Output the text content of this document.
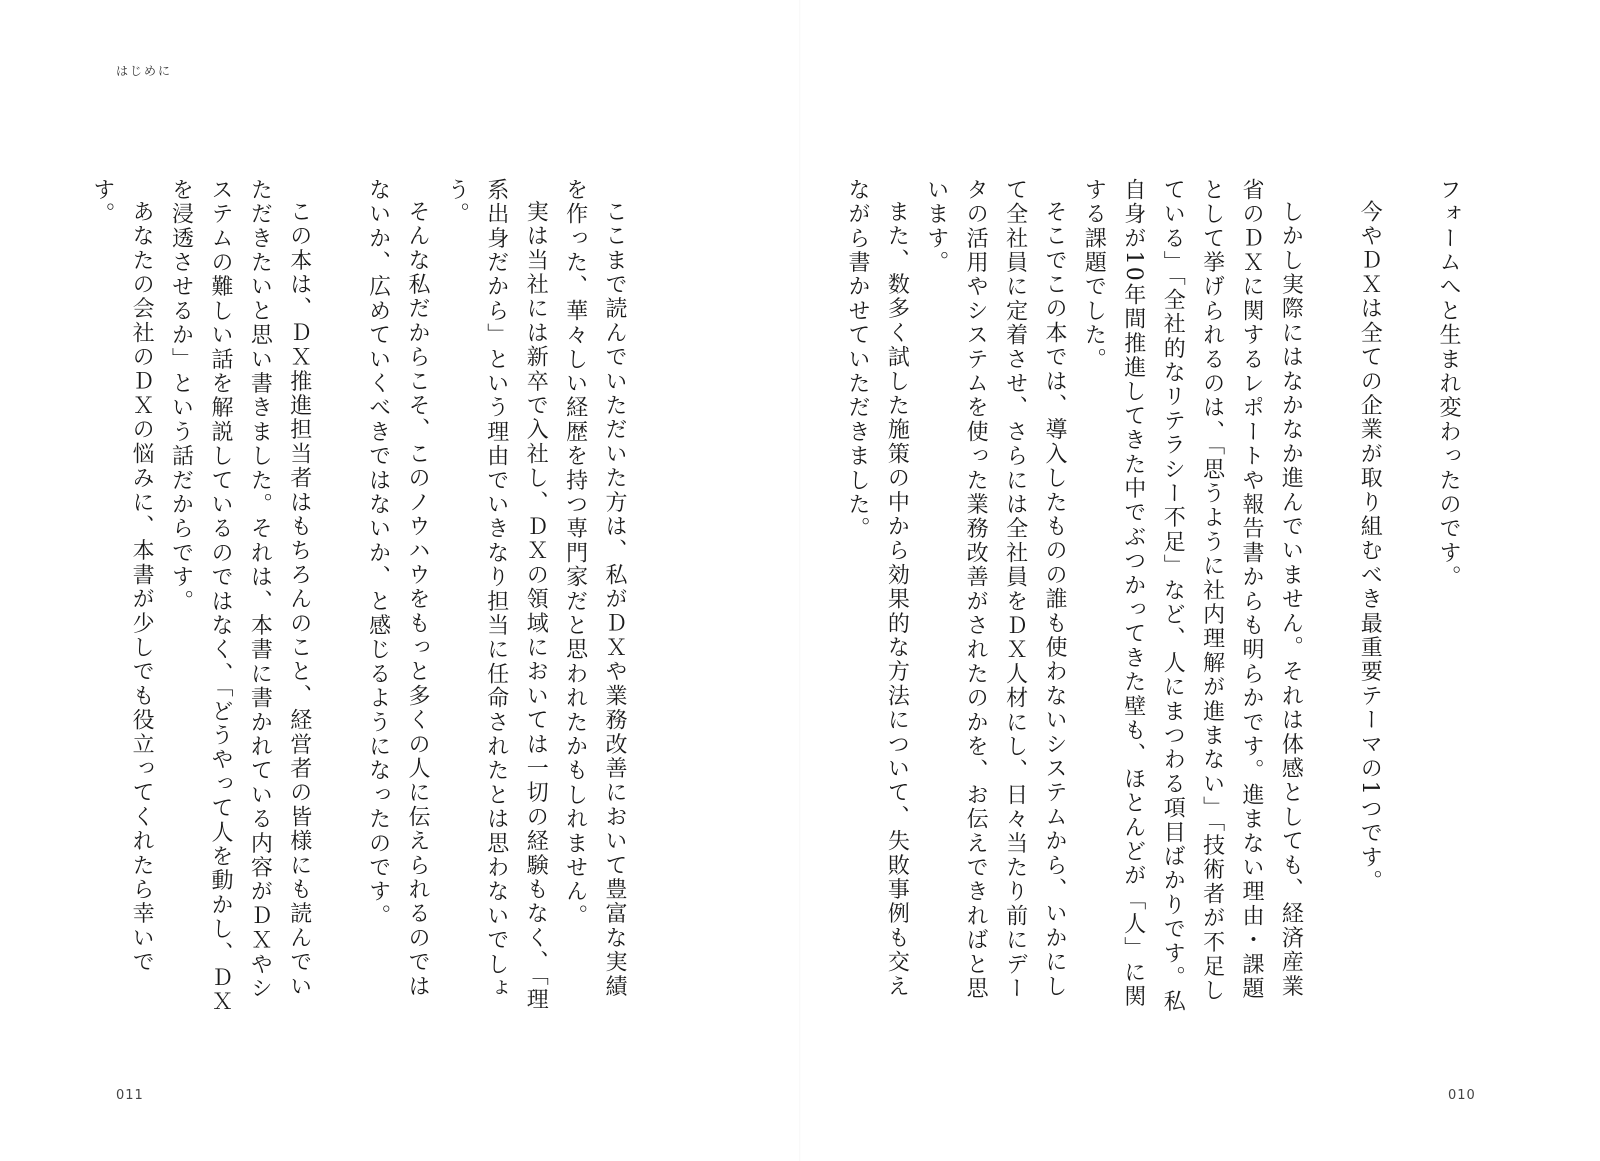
はじめに

フォームへと生まれ変わったのです。

今やＤＸは全ての企業が取り組むべき最重要テーマの1つです。

しかし実際にはなかなか進んでいません。それは体感としても、経済産業省のＤＸに関するレポートや報告書からも明らかです。進まない理由・課題として挙げられるのは、「思うように社内理解が進まない」「技術者が不足している」「全社的なリテラシー不足」など、人にまつわる項目ばかりです。私自身が10年間推進してきた中でぶつかってきた壁も、ほとんどが「人」に関する課題でした。

そこでこの本では、導入したものの誰も使わないシステムから、いかにして全社員に定着させ、さらには全社員をＤＸ人材にし、日々当たり前にデータの活用やシステムを使った業務改善がされたのかを、お伝えできればと思います。

また、数多く試した施策の中から効果的な方法について、失敗事例も交えながら書かせていただきました。

ここまで読んでいただいた方は、私がＤＸや業務改善において豊富な実績を作った、華々しい経歴を持つ専門家だと思われたかもしれません。

実は当社には新卒で入社し、ＤＸの領域においては一切の経験もなく、「理系出身だから」という理由でいきなり担当に任命されたとは思わないでしょう。

そんな私だからこそ、このノウハウをもっと多くの人に伝えられるのではないか、広めていくべきではないか、と感じるようになったのです。

この本は、ＤＸ推進担当者はもちろんのこと、経営者の皆様にも読んでいただきたいと思い書きました。それは、本書に書かれている内容がＤＸやシステムの難しい話を解説しているのではなく、「どうやって人を動かし、ＤＸを浸透させるか」という話だからです。

あなたの会社のＤＸの悩みに、本書が少しでも役立ってくれたら幸いです。

011	010
